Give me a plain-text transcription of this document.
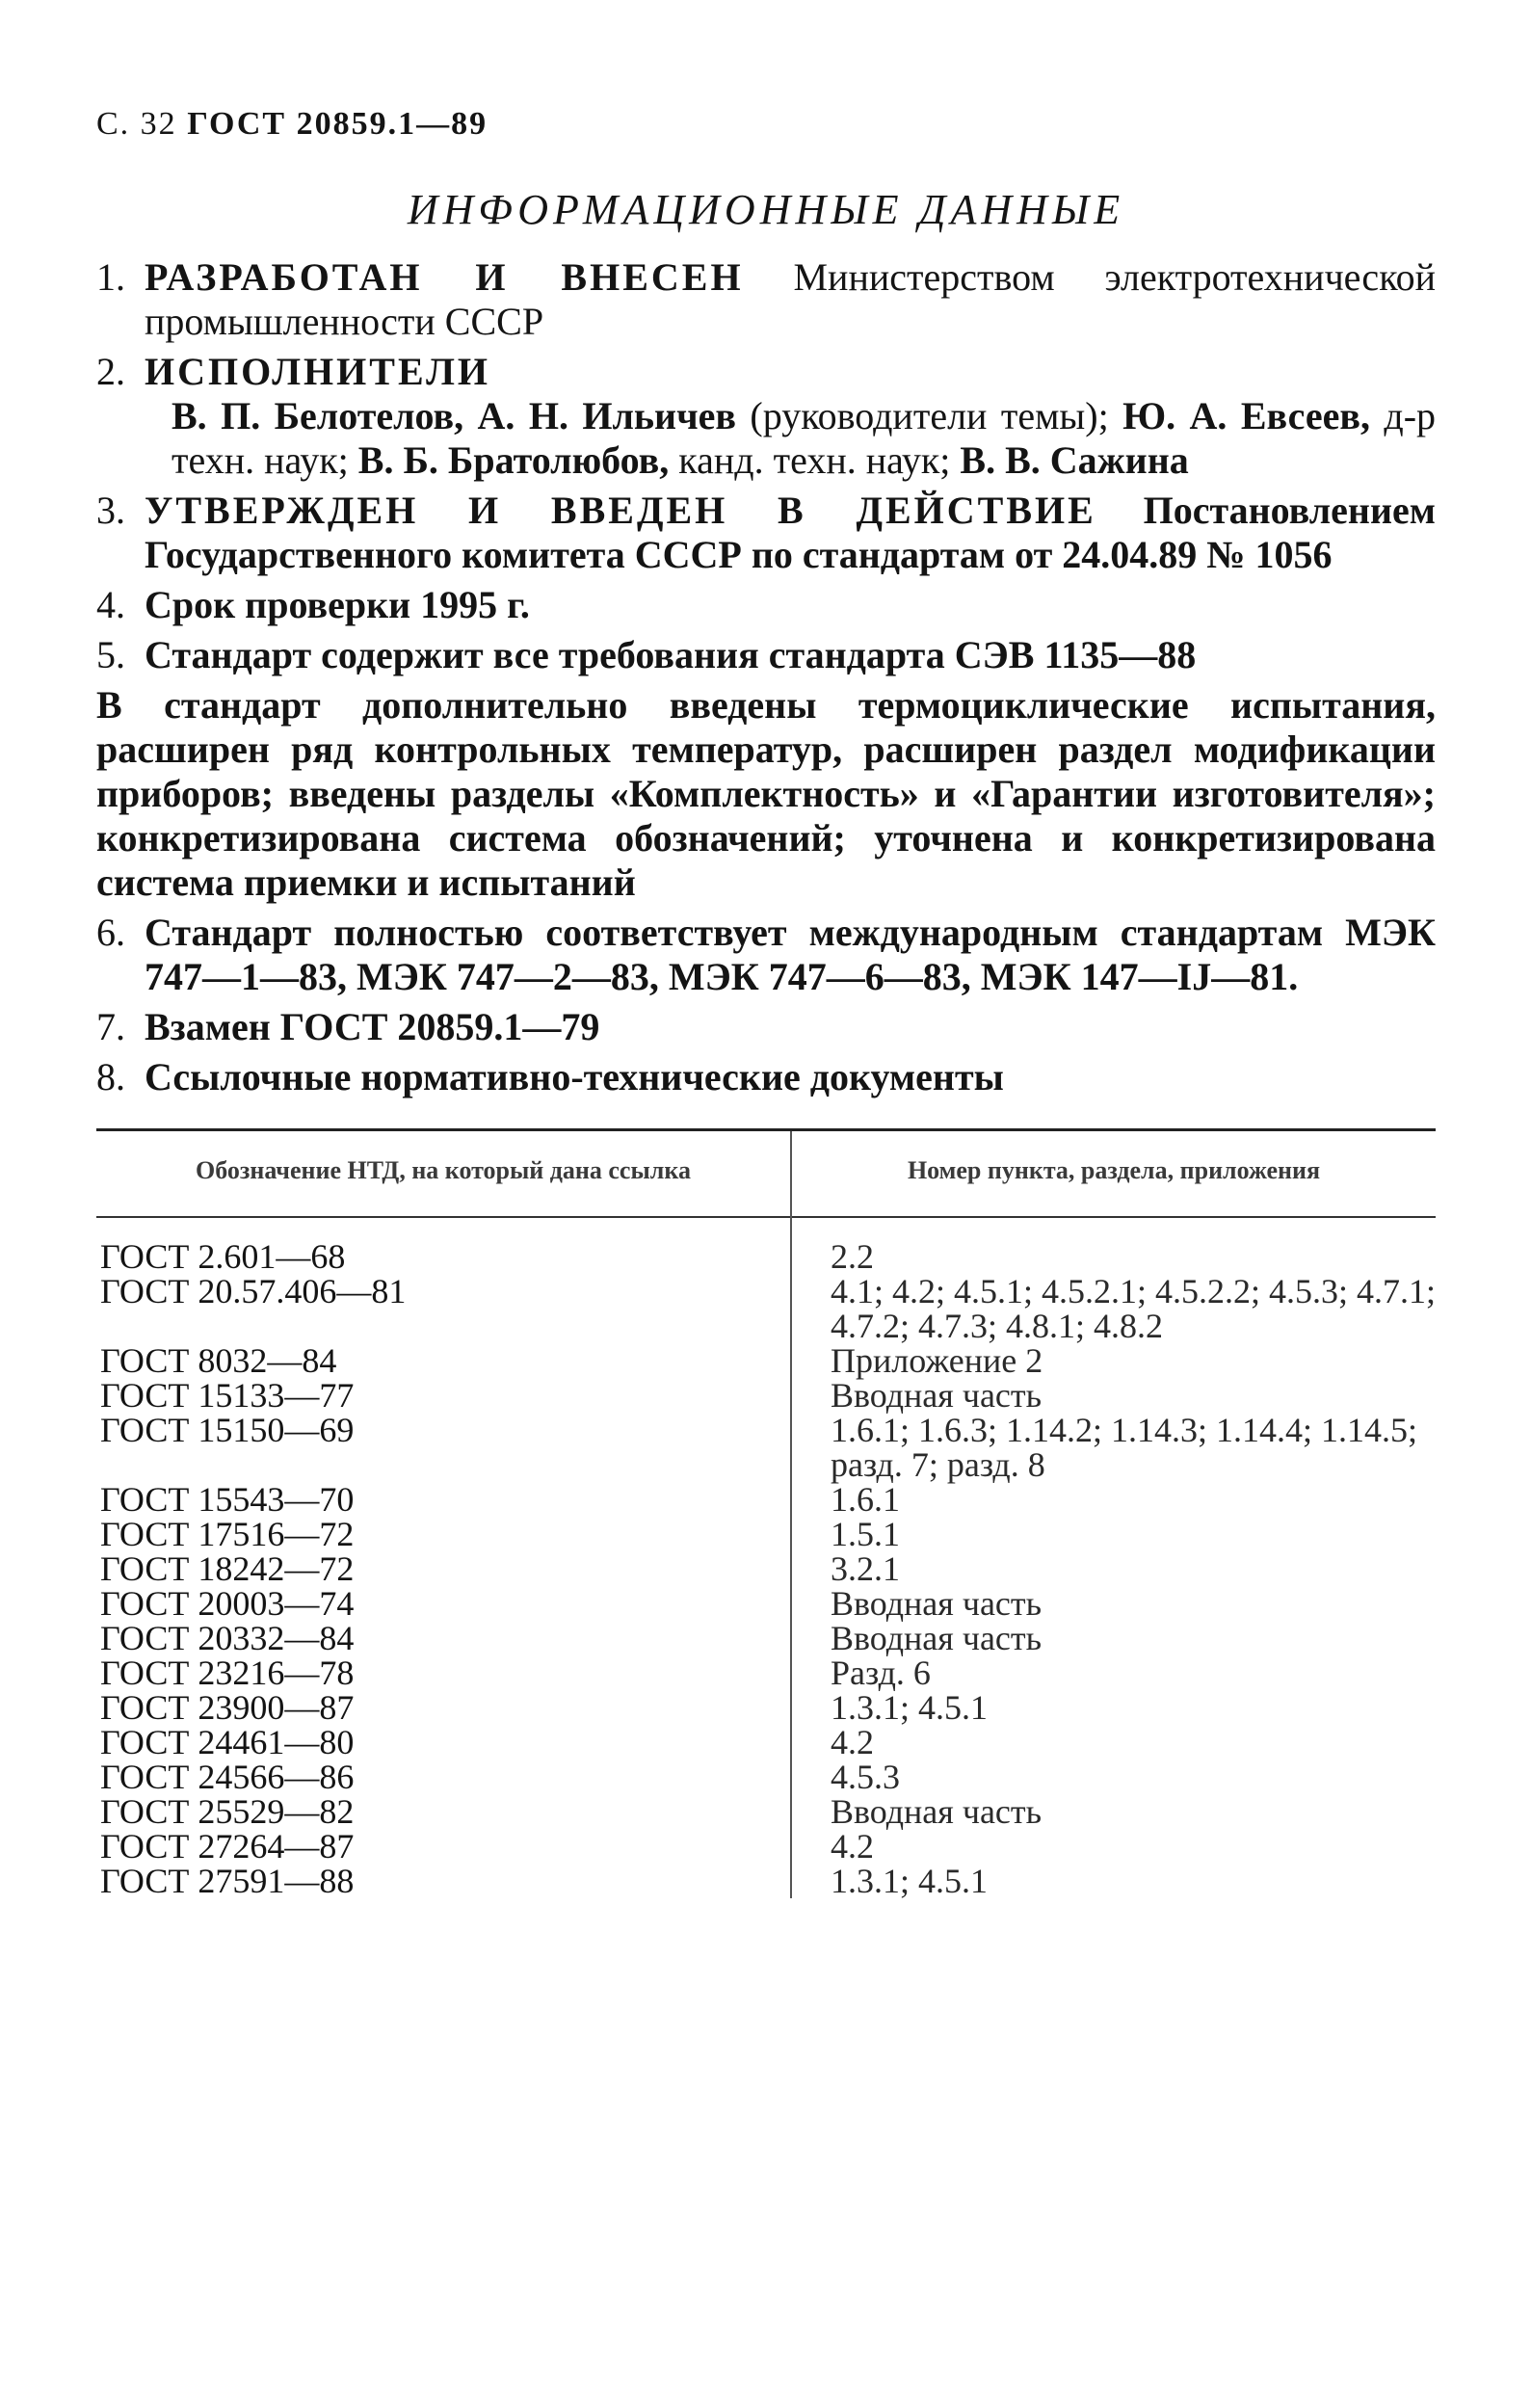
С. 32 ГОСТ 20859.1—89
ИНФОРМАЦИОННЫЕ ДАННЫЕ
1. РАЗРАБОТАН И ВНЕСЕН Министерством электротехнической промышленности СССР
2. ИСПОЛНИТЕЛИ
В. П. Белотелов, А. Н. Ильичев (руководители темы); Ю. А. Евсеев, д-р техн. наук; В. Б. Братолюбов, канд. техн. наук; В. В. Сажина
3. УТВЕРЖДЕН И ВВЕДЕН В ДЕЙСТВИЕ Постановлением Государственного комитета СССР по стандартам от 24.04.89 № 1056
4. Срок проверки 1995 г.
5. Стандарт содержит все требования стандарта СЭВ 1135—88
В стандарт дополнительно введены термоциклические испытания, расширен ряд контрольных температур, расширен раздел модификации приборов; введены разделы «Комплектность» и «Гарантии изготовителя»; конкретизирована система обозначений; уточнена и конкретизирована система приемки и испытаний
6. Стандарт полностью соответствует международным стандартам МЭК 747—1—83, МЭК 747—2—83, МЭК 747—6—83, МЭК 147—IJ—81.
7. Взамен ГОСТ 20859.1—79
8. Ссылочные нормативно-технические документы
Обозначение НТД, на который дана ссылка	Номер пункта, раздела, приложения

ГОСТ 2.601—68	2.2
ГОСТ 20.57.406—81	4.1; 4.2; 4.5.1; 4.5.2.1; 4.5.2.2; 4.5.3; 4.7.1; 4.7.2; 4.7.3; 4.8.1; 4.8.2
ГОСТ 8032—84	Приложение 2
ГОСТ 15133—77	Вводная часть
ГОСТ 15150—69	1.6.1; 1.6.3; 1.14.2; 1.14.3; 1.14.4; 1.14.5; разд. 7; разд. 8
ГОСТ 15543—70	1.6.1
ГОСТ 17516—72	1.5.1
ГОСТ 18242—72	3.2.1
ГОСТ 20003—74	Вводная часть
ГОСТ 20332—84	Вводная часть
ГОСТ 23216—78	Разд. 6
ГОСТ 23900—87	1.3.1; 4.5.1
ГОСТ 24461—80	4.2
ГОСТ 24566—86	4.5.3
ГОСТ 25529—82	Вводная часть
ГОСТ 27264—87	4.2
ГОСТ 27591—88	1.3.1; 4.5.1
